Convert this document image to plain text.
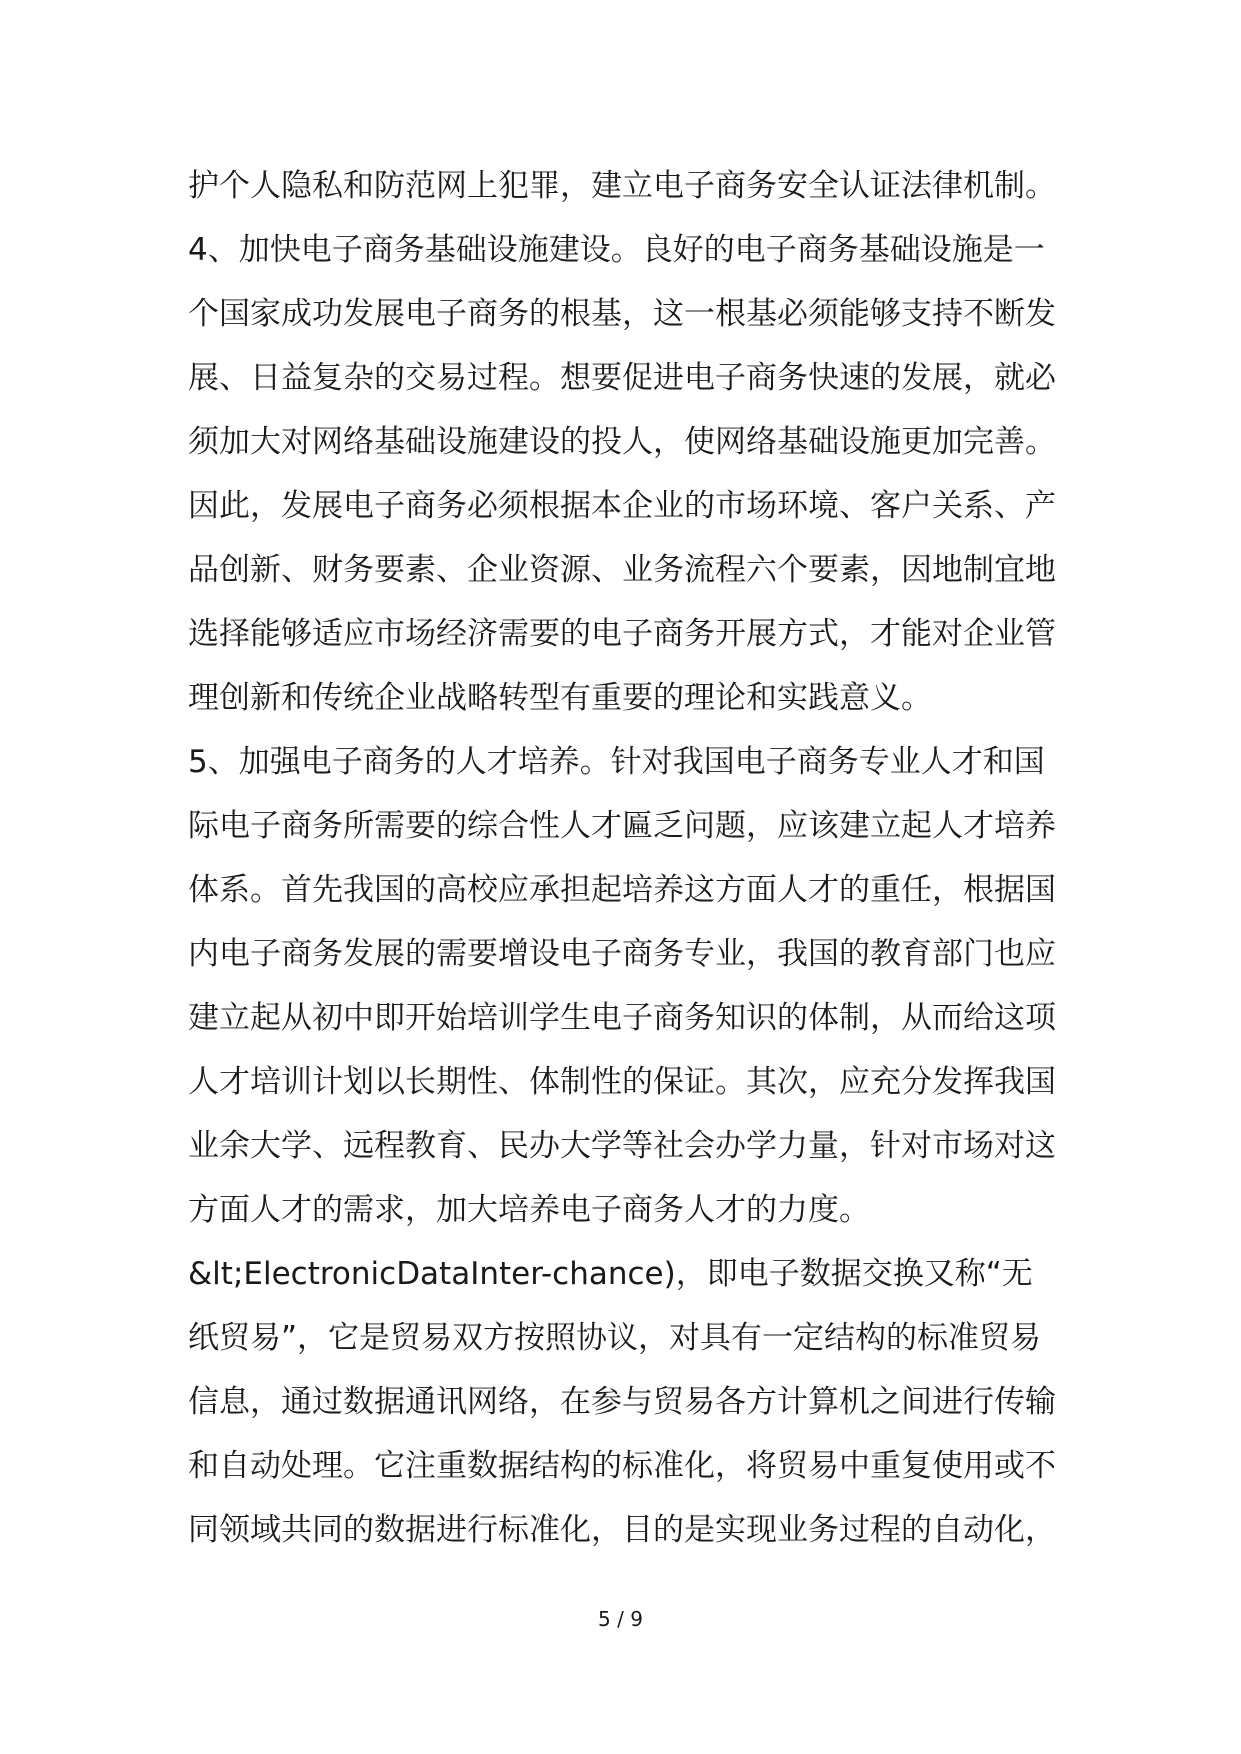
护个人隐私和防范网上犯罪，建立电子商务安全认证法律机制。
4、加快电子商务基础设施建设。良好的电子商务基础设施是一
个国家成功发展电子商务的根基，这一根基必须能够支持不断发
展、日益复杂的交易过程。想要促进电子商务快速的发展，就必
须加大对网络基础设施建设的投人，使网络基础设施更加完善。
因此，发展电子商务必须根据本企业的市场环境、客户关系、产
品创新、财务要素、企业资源、业务流程六个要素，因地制宜地
选择能够适应市场经济需要的电子商务开展方式，才能对企业管
理创新和传统企业战略转型有重要的理论和实践意义。
5、加强电子商务的人才培养。针对我国电子商务专业人才和国
际电子商务所需要的综合性人才匾乏问题，应该建立起人才培养
体系。首先我国的高校应承担起培养这方面人才的重任，根据国
内电子商务发展的需要增设电子商务专业，我国的教育部门也应
建立起从初中即开始培训学生电子商务知识的体制，从而给这项
人才培训计划以长期性、体制性的保证。其次，应充分发挥我国
业余大学、远程教育、民办大学等社会办学力量，针对市场对这
方面人才的需求，加大培养电子商务人才的力度。
&lt;ElectronicDataInter-chance)，即电子数据交换又称“无
纸贸易”，它是贸易双方按照协议，对具有一定结构的标准贸易
信息，通过数据通讯网络，在参与贸易各方计算机之间进行传输
和自动处理。它注重数据结构的标准化，将贸易中重复使用或不
同领域共同的数据进行标准化，目的是实现业务过程的自动化，
5 / 9
